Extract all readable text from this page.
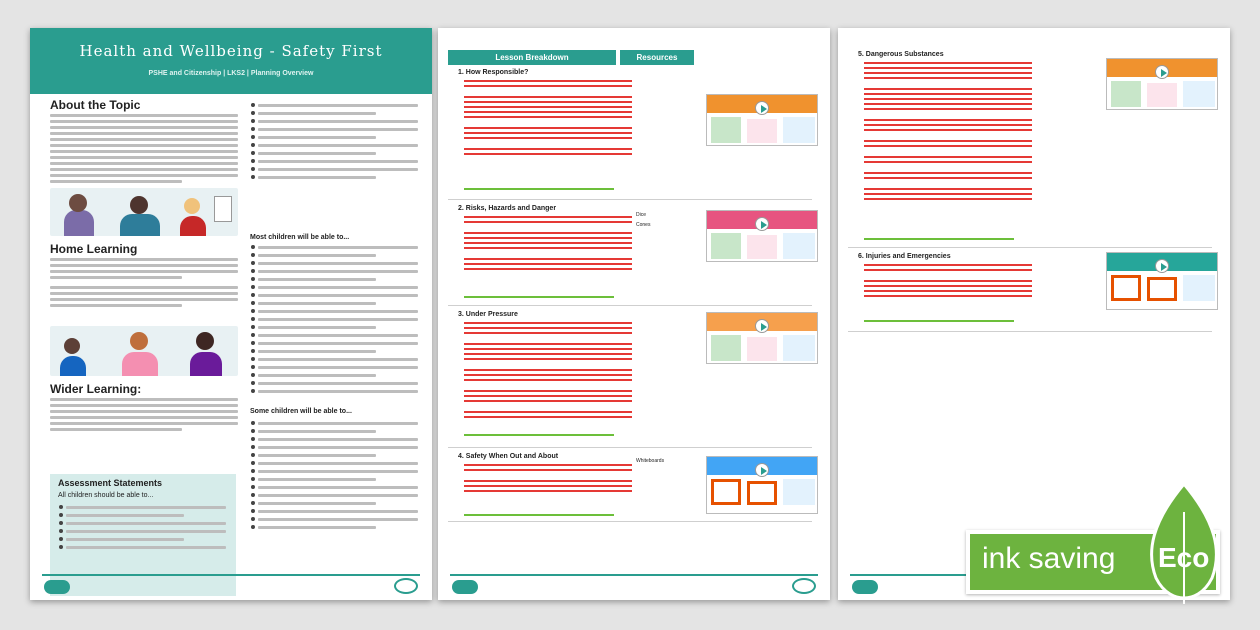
Health and Wellbeing - Safety First
PSHE and Citizenship | LKS2 | Planning Overview
About the Topic
Home Learning
Wider Learning:
Assessment Statements
All children should be able to...
Most children will be able to...
Some children will be able to...
Lesson Breakdown	Resources
1. How Responsible?
2. Risks, Hazards and Danger
Dice
Cones
3. Under Pressure
4. Safety When Out and About
Whiteboards
5. Dangerous Substances
6. Injuries and Emergencies
ink saving Eco
